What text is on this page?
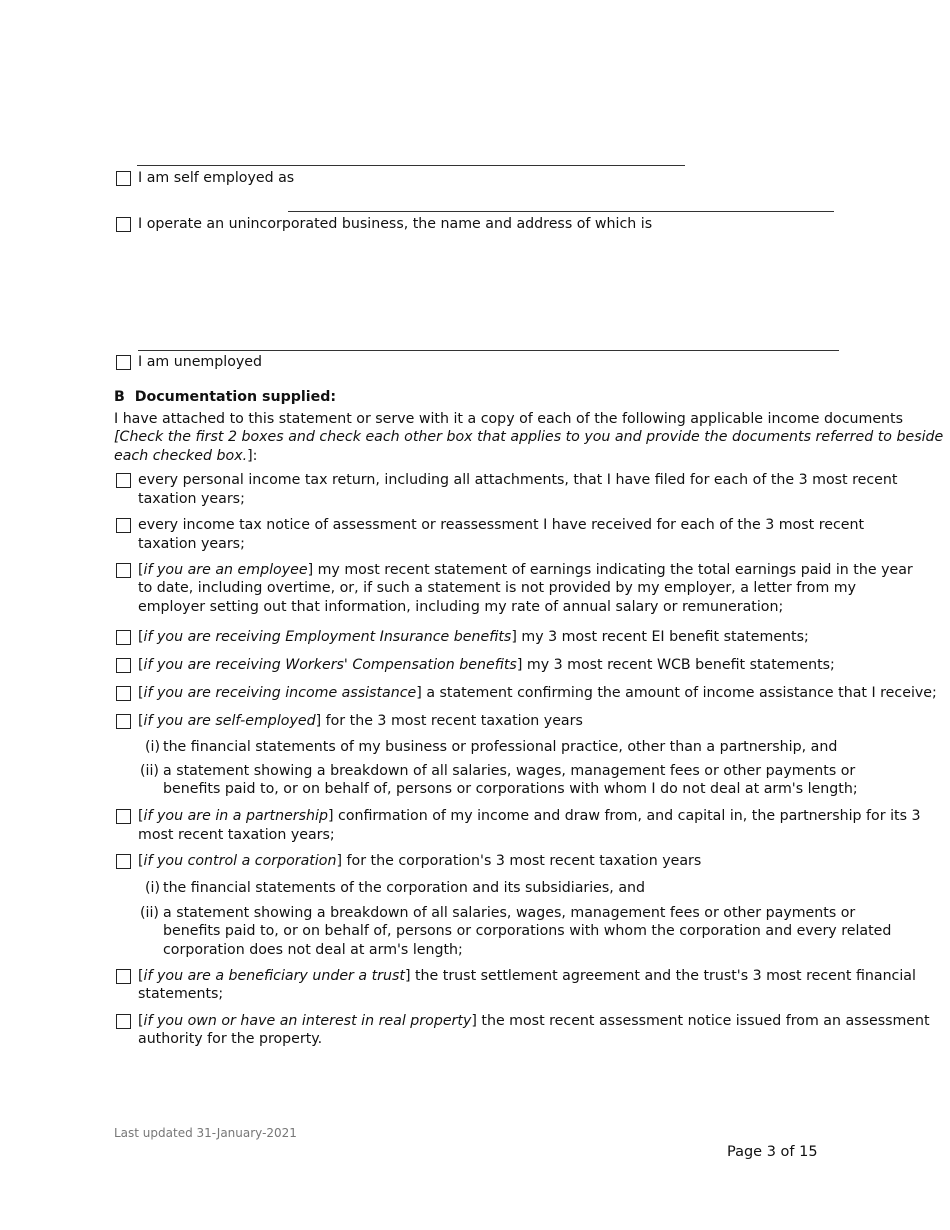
I am self employed as
I operate an unincorporated business, the name and address of which is
I am unemployed
B  Documentation supplied:
I have attached to this statement or serve with it a copy of each of the following applicable income documents
[Check the first 2 boxes and check each other box that applies to you and provide the documents referred to beside
each checked box.]:
every personal income tax return, including all attachments, that I have filed for each of the 3 most recent
taxation years;
every income tax notice of assessment or reassessment I have received for each of the 3 most recent
taxation years;
[if you are an employee] my most recent statement of earnings indicating the total earnings paid in the year
to date, including overtime, or, if such a statement is not provided by my employer, a letter from my
employer setting out that information, including my rate of annual salary or remuneration;
[if you are receiving Employment Insurance benefits] my 3 most recent EI benefit statements;
[if you are receiving Workers' Compensation benefits] my 3 most recent WCB benefit statements;
[if you are receiving income assistance] a statement confirming the amount of income assistance that I receive;
[if you are self-employed] for the 3 most recent taxation years
(i) the financial statements of my business or professional practice, other than a partnership, and
(ii) a statement showing a breakdown of all salaries, wages, management fees or other payments or
benefits paid to, or on behalf of, persons or corporations with whom I do not deal at arm's length;
[if you are in a partnership] confirmation of my income and draw from, and capital in, the partnership for its 3
most recent taxation years;
[if you control a corporation] for the corporation's 3 most recent taxation years
(i) the financial statements of the corporation and its subsidiaries, and
(ii) a statement showing a breakdown of all salaries, wages, management fees or other payments or
benefits paid to, or on behalf of, persons or corporations with whom the corporation and every related
corporation does not deal at arm's length;
[if you are a beneficiary under a trust] the trust settlement agreement and the trust's 3 most recent financial
statements;
[if you own or have an interest in real property] the most recent assessment notice issued from an assessment
authority for the property.
Last updated 31-January-2021
Page 3 of 15
